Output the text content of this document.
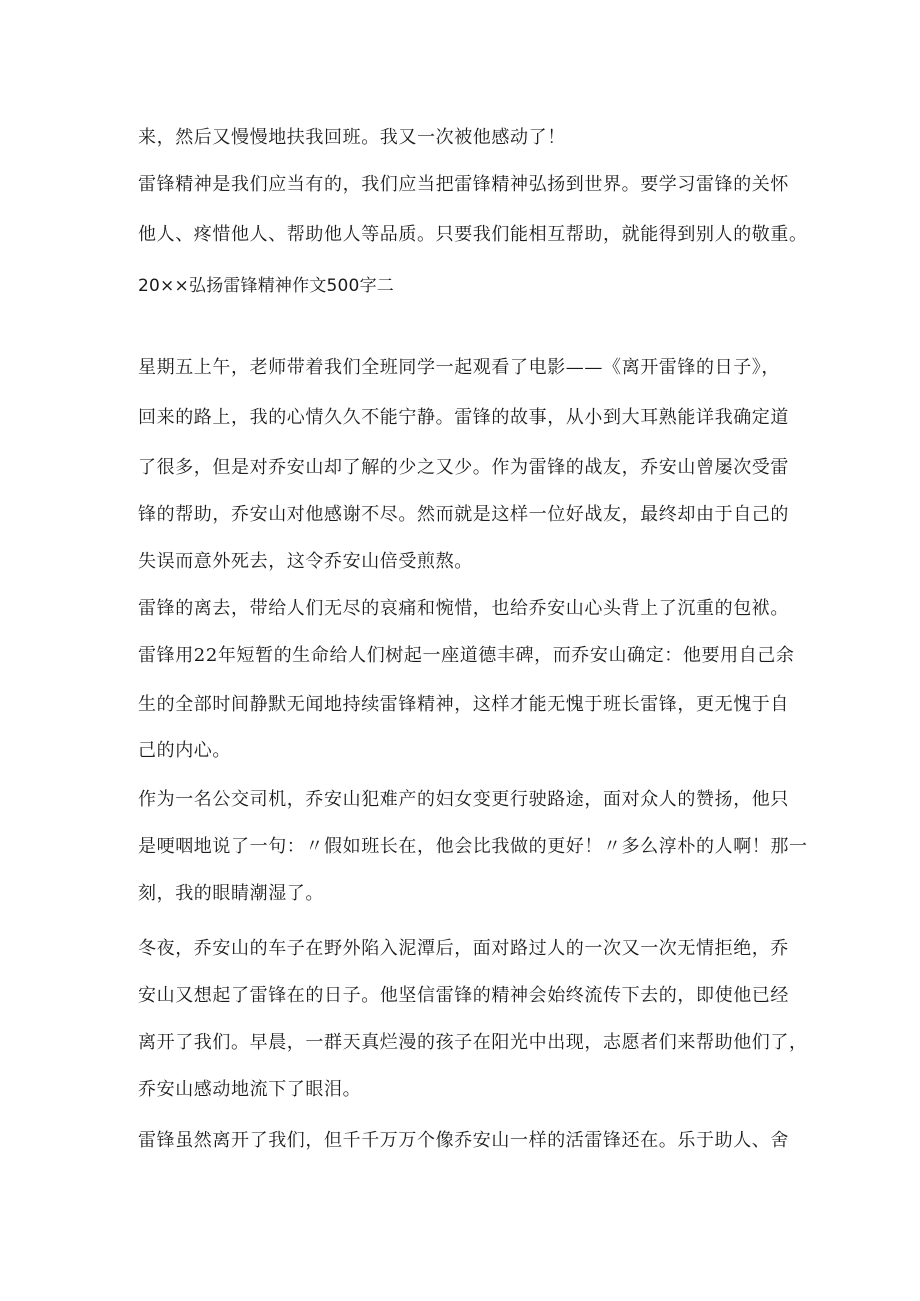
来，然后又慢慢地扶我回班。我又一次被他感动了！
雷锋精神是我们应当有的，我们应当把雷锋精神弘扬到世界。要学习雷锋的关怀
他人、疼惜他人、帮助他人等品质。只要我们能相互帮助，就能得到别人的敬重。
20××弘扬雷锋精神作文500字二
星期五上午，老师带着我们全班同学一起观看了电影——《离开雷锋的日子》，
回来的路上，我的心情久久不能宁静。雷锋的故事，从小到大耳熟能详我确定道
了很多，但是对乔安山却了解的少之又少。作为雷锋的战友，乔安山曾屡次受雷
锋的帮助，乔安山对他感谢不尽。然而就是这样一位好战友，最终却由于自己的
失误而意外死去，这令乔安山倍受煎熬。
雷锋的离去，带给人们无尽的哀痛和惋惜，也给乔安山心头背上了沉重的包袱。
雷锋用22年短暂的生命给人们树起一座道德丰碑，而乔安山确定：他要用自己余
生的全部时间静默无闻地持续雷锋精神，这样才能无愧于班长雷锋，更无愧于自
己的内心。
作为一名公交司机，乔安山犯难产的妇女变更行驶路途，面对众人的赞扬，他只
是哽咽地说了一句：〃假如班长在，他会比我做的更好！〃多么淳朴的人啊！那一
刻，我的眼睛潮湿了。
冬夜，乔安山的车子在野外陷入泥潭后，面对路过人的一次又一次无情拒绝，乔
安山又想起了雷锋在的日子。他坚信雷锋的精神会始终流传下去的，即使他已经
离开了我们。早晨，一群天真烂漫的孩子在阳光中出现，志愿者们来帮助他们了，
乔安山感动地流下了眼泪。
雷锋虽然离开了我们，但千千万万个像乔安山一样的活雷锋还在。乐于助人、舍
